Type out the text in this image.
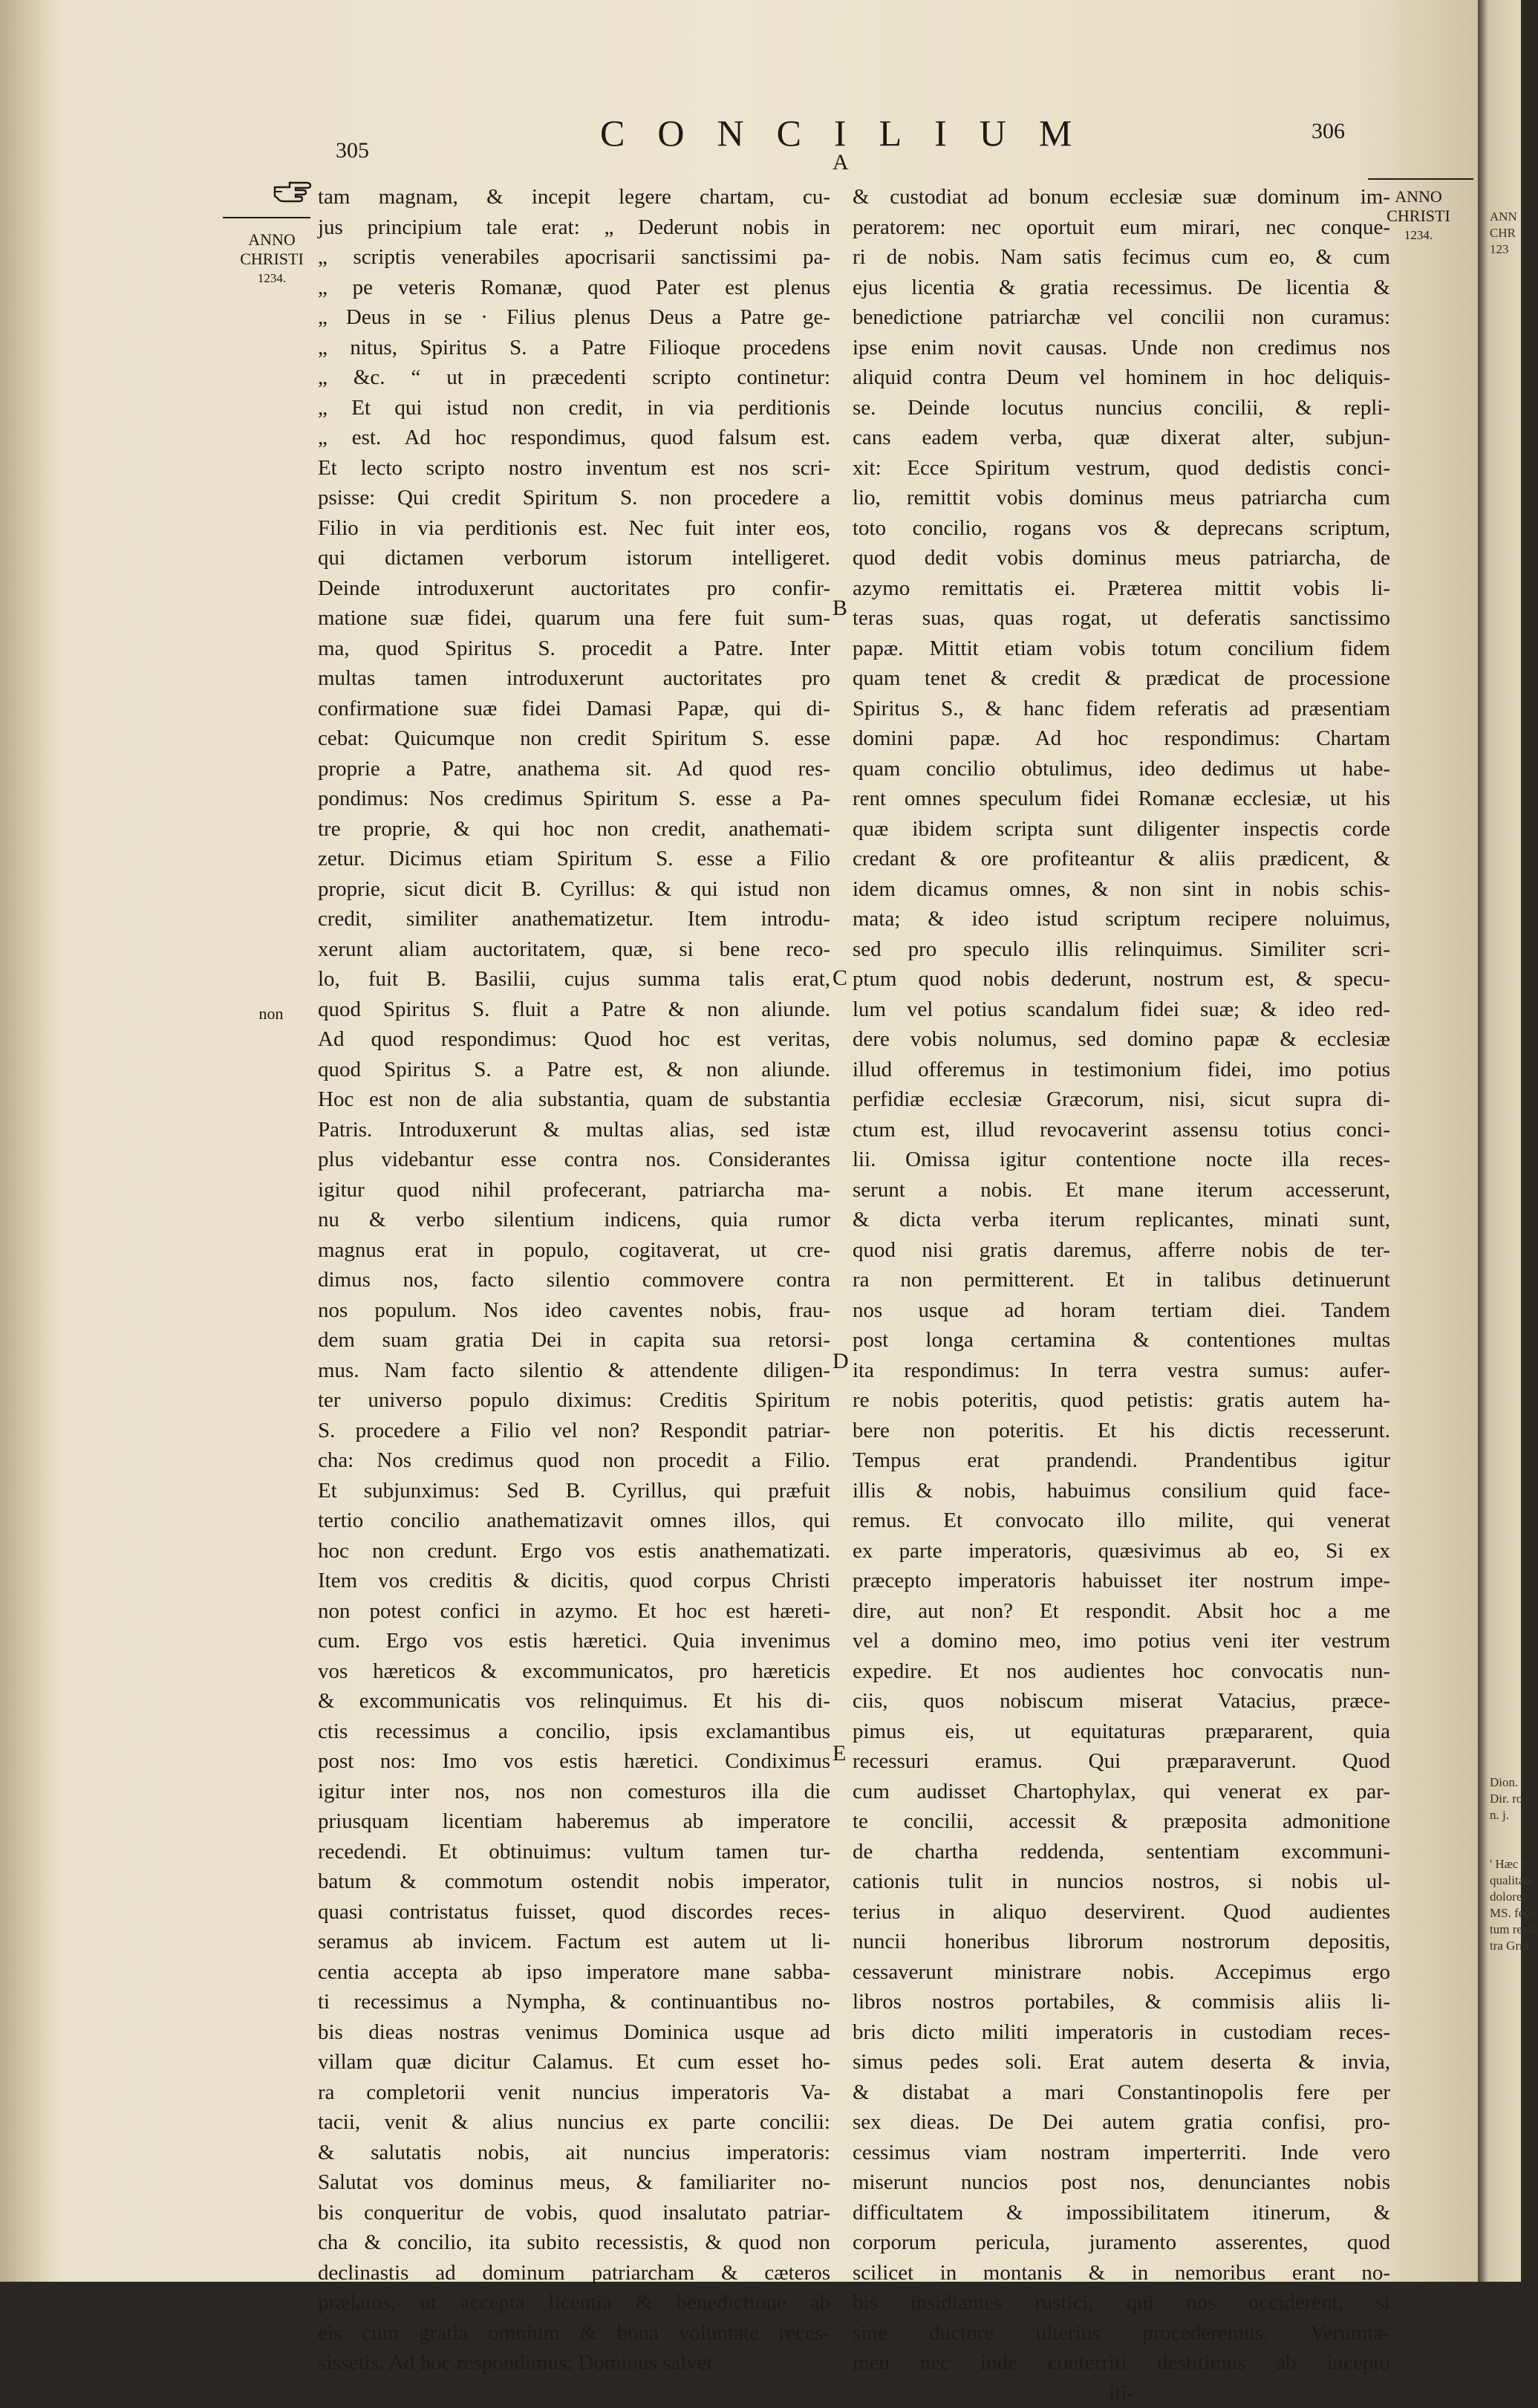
305	CONCILIUM	306
ANNO
CHRISTI
1234.
ANNO
CHRISTI
1234.
non
A
B
C
D
E
tam magnam, & incepit legere chartam, cu-
jus principium tale erat: „ Dederunt nobis in
„ scriptis venerabiles apocrisarii sanctissimi pa-
„ pe veteris Romanæ, quod Pater est plenus
„ Deus in se · Filius plenus Deus a Patre ge-
„ nitus, Spiritus S. a Patre Filioque procedens
„ &c. “ ut in præcedenti scripto continetur:
„ Et qui istud non credit, in via perditionis
„ est. Ad hoc respondimus, quod falsum est.
Et lecto scripto nostro inventum est nos scri-
psisse: Qui credit Spiritum S. non procedere a
Filio in via perditionis est. Nec fuit inter eos,
qui dictamen verborum istorum intelligeret.
Deinde introduxerunt auctoritates pro confir-
matione suæ fidei, quarum una fere fuit sum-
ma, quod Spiritus S. procedit a Patre. Inter
multas tamen introduxerunt auctoritates pro
confirmatione suæ fidei Damasi Papæ, qui di-
cebat: Quicumque non credit Spiritum S. esse
proprie a Patre, anathema sit. Ad quod res-
pondimus: Nos credimus Spiritum S. esse a Pa-
tre proprie, & qui hoc non credit, anathemati-
zetur. Dicimus etiam Spiritum S. esse a Filio
proprie, sicut dicit B. Cyrillus: & qui istud non
credit, similiter anathematizetur. Item introdu-
xerunt aliam auctoritatem, quæ, si bene reco-
lo, fuit B. Basilii, cujus summa talis erat,
quod Spiritus S. fluit a Patre & non aliunde.
Ad quod respondimus: Quod hoc est veritas,
quod Spiritus S. a Patre est, & non aliunde.
Hoc est non de alia substantia, quam de substantia
Patris. Introduxerunt & multas alias, sed istæ
plus videbantur esse contra nos. Considerantes
igitur quod nihil profecerant, patriarcha ma-
nu & verbo silentium indicens, quia rumor
magnus erat in populo, cogitaverat, ut cre-
dimus nos, facto silentio commovere contra
nos populum. Nos ideo caventes nobis, frau-
dem suam gratia Dei in capita sua retorsi-
mus. Nam facto silentio & attendente diligen-
ter universo populo diximus: Creditis Spiritum
S. procedere a Filio vel non? Respondit patriar-
cha: Nos credimus quod non procedit a Filio.
Et subjunximus: Sed B. Cyrillus, qui præfuit
tertio concilio anathematizavit omnes illos, qui
hoc non credunt. Ergo vos estis anathematizati.
Item vos creditis & dicitis, quod corpus Christi
non potest confici in azymo. Et hoc est hæreti-
cum. Ergo vos estis hæretici. Quia invenimus
vos hæreticos & excommunicatos, pro hæreticis
& excommunicatis vos relinquimus. Et his di-
ctis recessimus a concilio, ipsis exclamantibus
post nos: Imo vos estis hæretici. Condiximus
igitur inter nos, nos non comesturos illa die
priusquam licentiam haberemus ab imperatore
recedendi. Et obtinuimus: vultum tamen tur-
batum & commotum ostendit nobis imperator,
quasi contristatus fuisset, quod discordes reces-
seramus ab invicem. Factum est autem ut li-
centia accepta ab ipso imperatore mane sabba-
ti recessimus a Nympha, & continuantibus no-
bis dieas nostras venimus Dominica usque ad
villam quæ dicitur Calamus. Et cum esset ho-
ra completorii venit nuncius imperatoris Va-
tacii, venit & alius nuncius ex parte concilii:
& salutatis nobis, ait nuncius imperatoris:
Salutat vos dominus meus, & familiariter no-
bis conqueritur de vobis, quod insalutato patriar-
cha & concilio, ita subito recessistis, & quod non
declinastis ad dominum patriarcham & cæteros
prælatos, ut accepta licentia & benedictione ab
eis cum gratia omnium & bona voluntate reces-
sissetis. Ad hoc respondimus: Dominus salvet
& custodiat ad bonum ecclesiæ suæ dominum im-
peratorem: nec oportuit eum mirari, nec conque-
ri de nobis. Nam satis fecimus cum eo, & cum
ejus licentia & gratia recessimus. De licentia &
benedictione patriarchæ vel concilii non curamus:
ipse enim novit causas. Unde non credimus nos
aliquid contra Deum vel hominem in hoc deliquis-
se. Deinde locutus nuncius concilii, & repli-
cans eadem verba, quæ dixerat alter, subjun-
xit: Ecce Spiritum vestrum, quod dedistis conci-
lio, remittit vobis dominus meus patriarcha cum
toto concilio, rogans vos & deprecans scriptum,
quod dedit vobis dominus meus patriarcha, de
azymo remittatis ei. Præterea mittit vobis li-
teras suas, quas rogat, ut deferatis sanctissimo
papæ. Mittit etiam vobis totum concilium fidem
quam tenet & credit & prædicat de processione
Spiritus S., & hanc fidem referatis ad præsentiam
domini papæ. Ad hoc respondimus: Chartam
quam concilio obtulimus, ideo dedimus ut habe-
rent omnes speculum fidei Romanæ ecclesiæ, ut his
quæ ibidem scripta sunt diligenter inspectis corde
credant & ore profiteantur & aliis prædicent, &
idem dicamus omnes, & non sint in nobis schis-
mata; & ideo istud scriptum recipere noluimus,
sed pro speculo illis relinquimus. Similiter scri-
ptum quod nobis dederunt, nostrum est, & specu-
lum vel potius scandalum fidei suæ; & ideo red-
dere vobis nolumus, sed domino papæ & ecclesiæ
illud offeremus in testimonium fidei, imo potius
perfidiæ ecclesiæ Græcorum, nisi, sicut supra di-
ctum est, illud revocaverint assensu totius conci-
lii. Omissa igitur contentione nocte illa reces-
serunt a nobis. Et mane iterum accesserunt,
& dicta verba iterum replicantes, minati sunt,
quod nisi gratis daremus, afferre nobis de ter-
ra non permitterent. Et in talibus detinuerunt
nos usque ad horam tertiam diei. Tandem
post longa certamina & contentiones multas
ita respondimus: In terra vestra sumus: aufer-
re nobis poteritis, quod petistis: gratis autem ha-
bere non poteritis. Et his dictis recesserunt.
Tempus erat prandendi. Prandentibus igitur
illis & nobis, habuimus consilium quid face-
remus. Et convocato illo milite, qui venerat
ex parte imperatoris, quæsivimus ab eo, Si ex
præcepto imperatoris habuisset iter nostrum impe-
dire, aut non? Et respondit. Absit hoc a me
vel a domino meo, imo potius veni iter vestrum
expedire. Et nos audientes hoc convocatis nun-
ciis, quos nobiscum miserat Vatacius, præce-
pimus eis, ut equitaturas præpararent, quia
recessuri eramus. Qui præparaverunt. Quod
cum audisset Chartophylax, qui venerat ex par-
te concilii, accessit & præposita admonitione
de chartha reddenda, sententiam excommuni-
cationis tulit in nuncios nostros, si nobis ul-
terius in aliquo deservirent. Quod audientes
nuncii honeribus librorum nostrorum depositis,
cessaverunt ministrare nobis. Accepimus ergo
libros nostros portabiles, & commisis aliis li-
bris dicto militi imperatoris in custodiam reces-
simus pedes soli. Erat autem deserta & invia,
& distabat a mari Constantinopolis fere per
sex dieas. De Dei autem gratia confisi, pro-
cessimus viam nostram imperterriti. Inde vero
miserunt nuncios post nos, denunciantes nobis
difficultatem & impossibilitatem itinerum, &
corporum pericula, juramento asserentes, quod
scilicet in montanis & in nemoribus erant no-
bis insidiantes rustici, qui nos occiderent, si
sine ductore ulterius procederemus. Verumta-
men nec inde conterriti destitimus ab incepto
iti-
ANN
CHR
123
Dion.
Dir. ro
n. j.
' Hæc c
qualitate
dolore.
MS. fecu
tum resili
tra Grni
